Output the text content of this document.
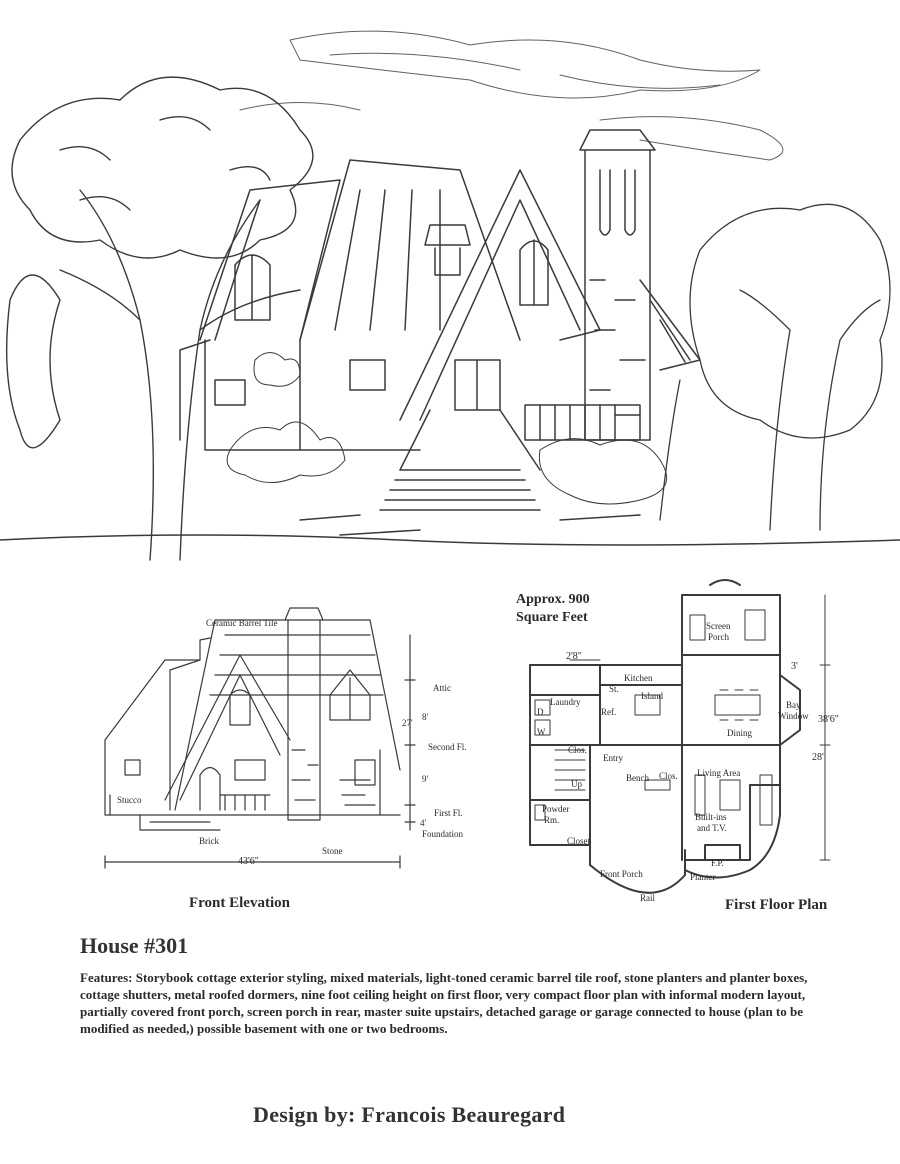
Ceramic Barrel Tile
Attic
8'
27'
Second Fl.
9'
First Fl.
4'
Foundation
Stucco
Brick
Stone
43'6"
Front Elevation
Approx. 900
Square Feet
Screen
Porch
2'8"
Kitchen
St.
Island
Laundry
Ref.
D
W
3'
Bay
Window
Dining
38'6"
Clos.
28'
Entry
Living Area
Up
Bench Clos.
Powder
Rm.	Built-ins
and T.V.
Closet
F.P.
Front Porch	Planter
Rail	First Floor Plan
House #301
Features: Storybook cottage exterior styling, mixed materials, light-toned ceramic barrel tile roof, stone planters and planter boxes, cottage shutters, metal roofed dormers, nine foot ceiling height on first floor, very compact floor plan with informal modern layout, partially covered front porch, screen porch in rear, master suite upstairs, detached garage or garage connected to house (plan to be modified as needed,) possible basement with one or two bedrooms.
Design by: Francois Beauregard
